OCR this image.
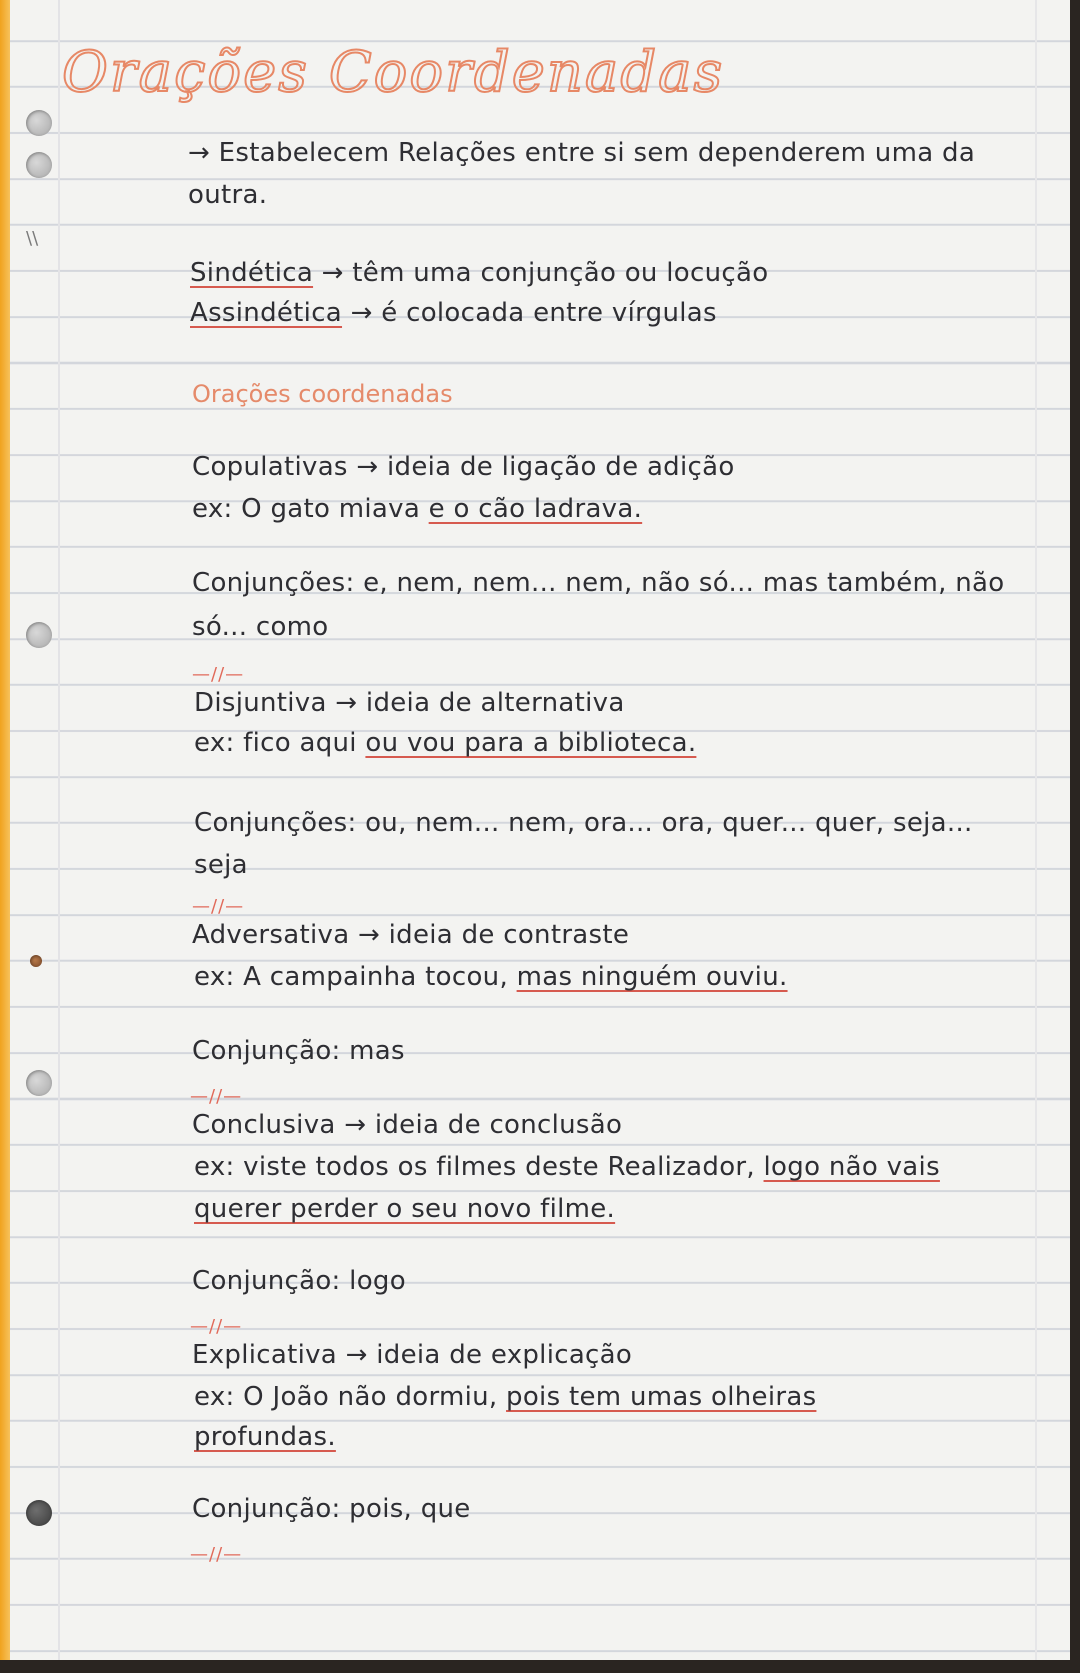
\\
Orações Coordenadas
→ Estabelecem Relações entre si sem dependerem uma da
outra.
Sindética → têm uma conjunção ou locução
Assindética → é colocada entre vírgulas
Orações coordenadas
Copulativas → ideia de ligação de adição
ex: O gato miava e o cão ladrava.
Conjunções: e, nem, nem... nem, não só... mas também, não
só... como
—//—
Disjuntiva → ideia de alternativa
ex: fico aqui ou vou para a biblioteca.
Conjunções: ou, nem... nem, ora... ora, quer... quer, seja...
seja
—//—
Adversativa → ideia de contraste
ex: A campainha tocou, mas ninguém ouviu.
Conjunção: mas
—//—
Conclusiva → ideia de conclusão
ex: viste todos os filmes deste Realizador, logo não vais
querer perder o seu novo filme.
Conjunção: logo
—//—
Explicativa → ideia de explicação
ex: O João não dormiu, pois tem umas olheiras
profundas.
Conjunção: pois, que
—//—
